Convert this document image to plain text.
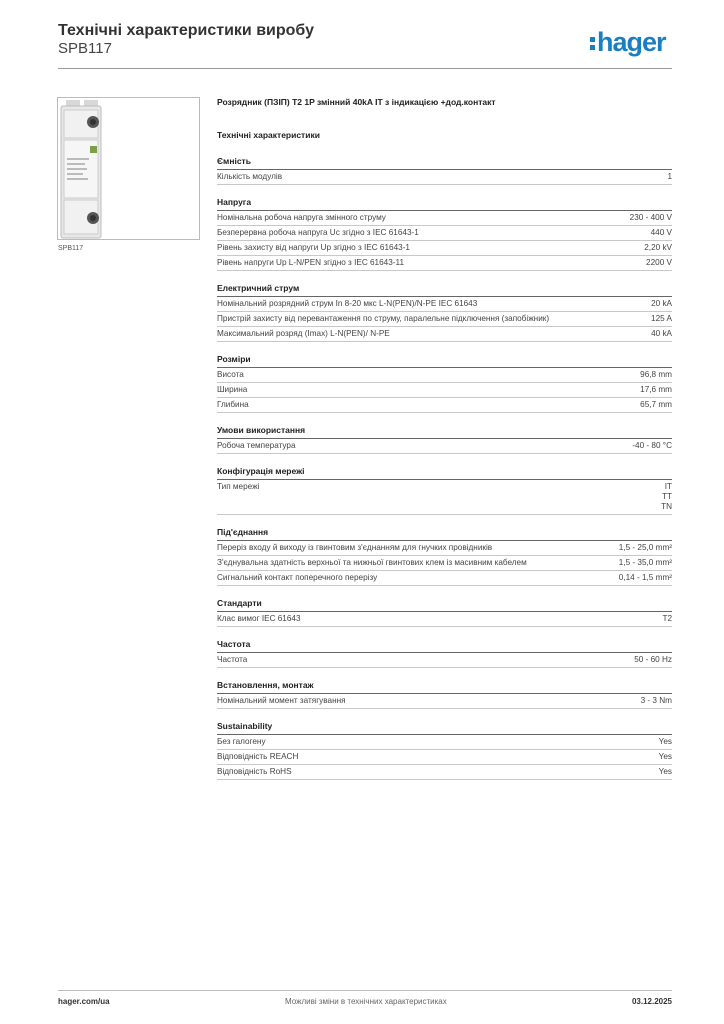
Технічні характеристики виробу
SPB117	hager
SPB117
Розрядник (ПЗІП) T2 1P змінний 40kA IT з індикацією +дод.контакт
Технічні характеристики
Ємність
Кількість модулів	1
Напруга
Номінальна робоча напруга змінного струму	230 - 400 V
Безперервна робоча напруга Uc згідно з IEC 61643-1	440 V
Рівень захисту від напруги Up згідно з IEC 61643-1	2,20 kV
Рівень напруги Up L-N/PEN згідно з IEC 61643-11	2200 V
Електричний струм
Номінальний розрядний струм In 8-20 мкс L-N(PEN)/N-PE IEC 61643	20 kA
Пристрій захисту від перевантаження по струму, паралельне підключення (запобіжник)	125 A
Максимальний розряд (Imax) L-N(PEN)/ N-PE	40 kA
Розміри
Висота	96,8 mm
Ширина	17,6 mm
Глибина	65,7 mm
Умови використання
Робоча температура	-40 - 80 °C
Конфігурація мережі
Тип мережі	IT
TT
TN
Під'єднання
Переріз входу й виходу із гвинтовим з'єднанням для гнучких провідників	1,5 - 25,0 mm²
З'єднувальна здатність верхньої та нижньої гвинтових клем із масивним кабелем	1,5 - 35,0 mm²
Сигнальний контакт поперечного перерізу	0,14 - 1,5 mm²
Стандарти
Клас вимог IEC 61643	T2
Частота
Частота	50 - 60 Hz
Встановлення, монтаж
Номінальний момент затягування	3 - 3 Nm
Sustainability
Без галогену	Yes
Відповідність REACH	Yes
Відповідність RoHS	Yes
hager.com/ua	Можливі зміни в технічних характеристиках	03.12.2025
